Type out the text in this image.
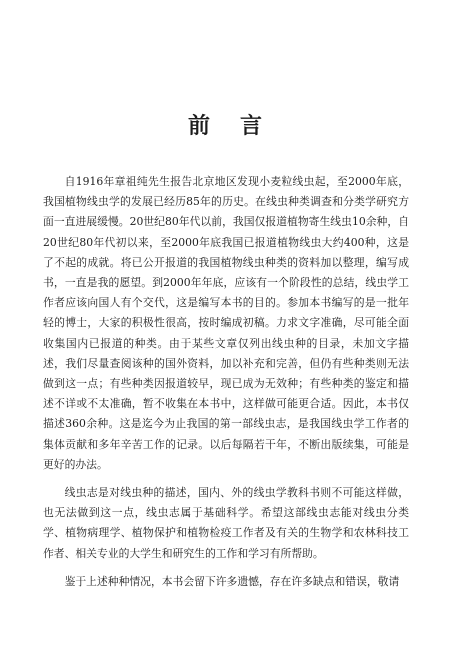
前言

自1916年章祖纯先生报告北京地区发现小麦粒线虫起，至2000年底，我国植物线虫学的发展已经历85年的历史。在线虫种类调查和分类学研究方面一直进展缓慢。20世纪80年代以前，我国仅报道植物寄生线虫10余种，自20世纪80年代初以来，至2000年底我国已报道植物线虫大约400种，这是了不起的成就。将已公开报道的我国植物线虫种类的资料加以整理，编写成书，一直是我的愿望。到2000年年底，应该有一个阶段性的总结，线虫学工作者应该向国人有个交代，这是编写本书的目的。参加本书编写的是一批年轻的博士，大家的积极性很高，按时编成初稿。力求文字准确，尽可能全面收集国内已报道的种类。由于某些文章仅列出线虫种的目录，未加文字描述，我们尽量查阅该种的国外资料，加以补充和完善，但仍有些种类则无法做到这一点；有些种类因报道较早，现已成为无效种；有些种类的鉴定和描述不详或不太准确，暂不收集在本书中，这样做可能更合适。因此，本书仅描述360余种。这是迄今为止我国的第一部线虫志，是我国线虫学工作者的集体贡献和多年辛苦工作的记录。以后每隔若干年，不断出版续集，可能是更好的办法。

线虫志是对线虫种的描述，国内、外的线虫学教科书则不可能这样做，也无法做到这一点，线虫志属于基础科学。希望这部线虫志能对线虫分类学、植物病理学、植物保护和植物检疫工作者及有关的生物学和农林科技工作者、相关专业的大学生和研究生的工作和学习有所帮助。

鉴于上述种种情况，本书会留下许多遗憾，存在许多缺点和错误，敬请
